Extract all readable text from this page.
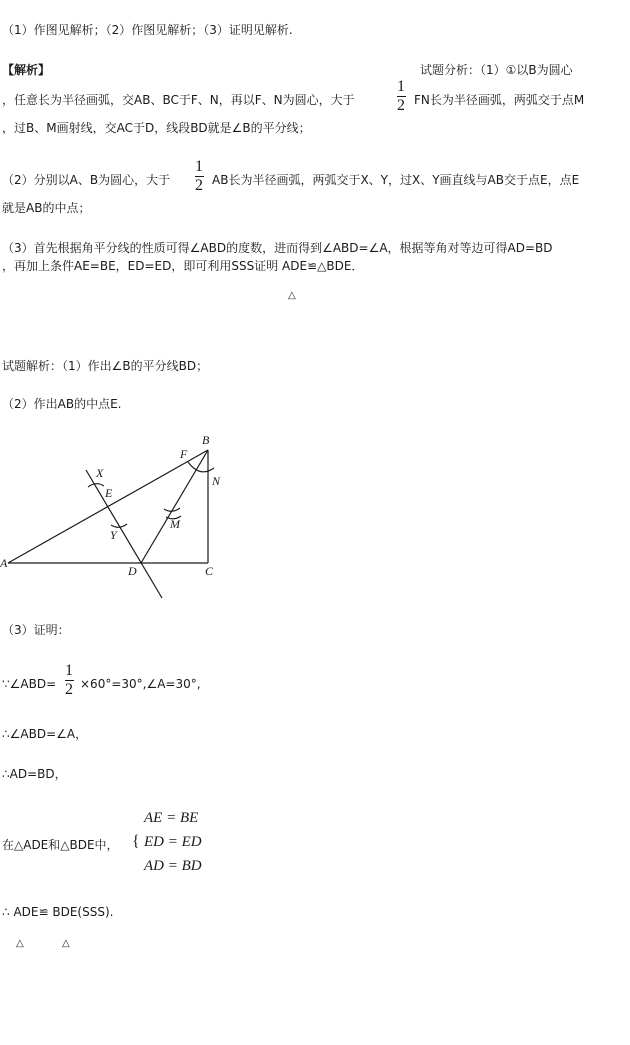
（1）作图见解析；（2）作图见解析；（3）证明见解析.
【解析】	试题分析：（1）①以B为圆心
，任意长为半径画弧，交AB、BC于F、N，再以F、N为圆心，大于
1
2 FN长为半径画弧，两弧交于点M
，过B、M画射线，交AC于D，线段BD就是∠B的平分线；
（2）分别以A、B为圆心，大于
1
2 AB长为半径画弧，两弧交于X、Y，过X、Y画直线与AB交于点E，点E
就是AB的中点；
（3）首先根据角平分线的性质可得∠ABD的度数，进而得到∠ABD=∠A，根据等角对等边可得AD=BD
，再加上条件AE=BE，ED=ED，即可利用SSS证明 ADE≌△BDE．
△
试题解析：（1）作出∠B的平分线BD；
（2）作出AB的中点E.
B
F
N
X
E
Y
M
A
D	C
（3）证明：
∵∠ABD=
1
2 ×60°=30°,∠A=30°,
∴∠ABD=∠A，
∴AD=BD，
AE = BE
在△ADE和△BDE中， { ED = ED
AD = BD
∴ ADE≌ BDE(SSS).
△	△
